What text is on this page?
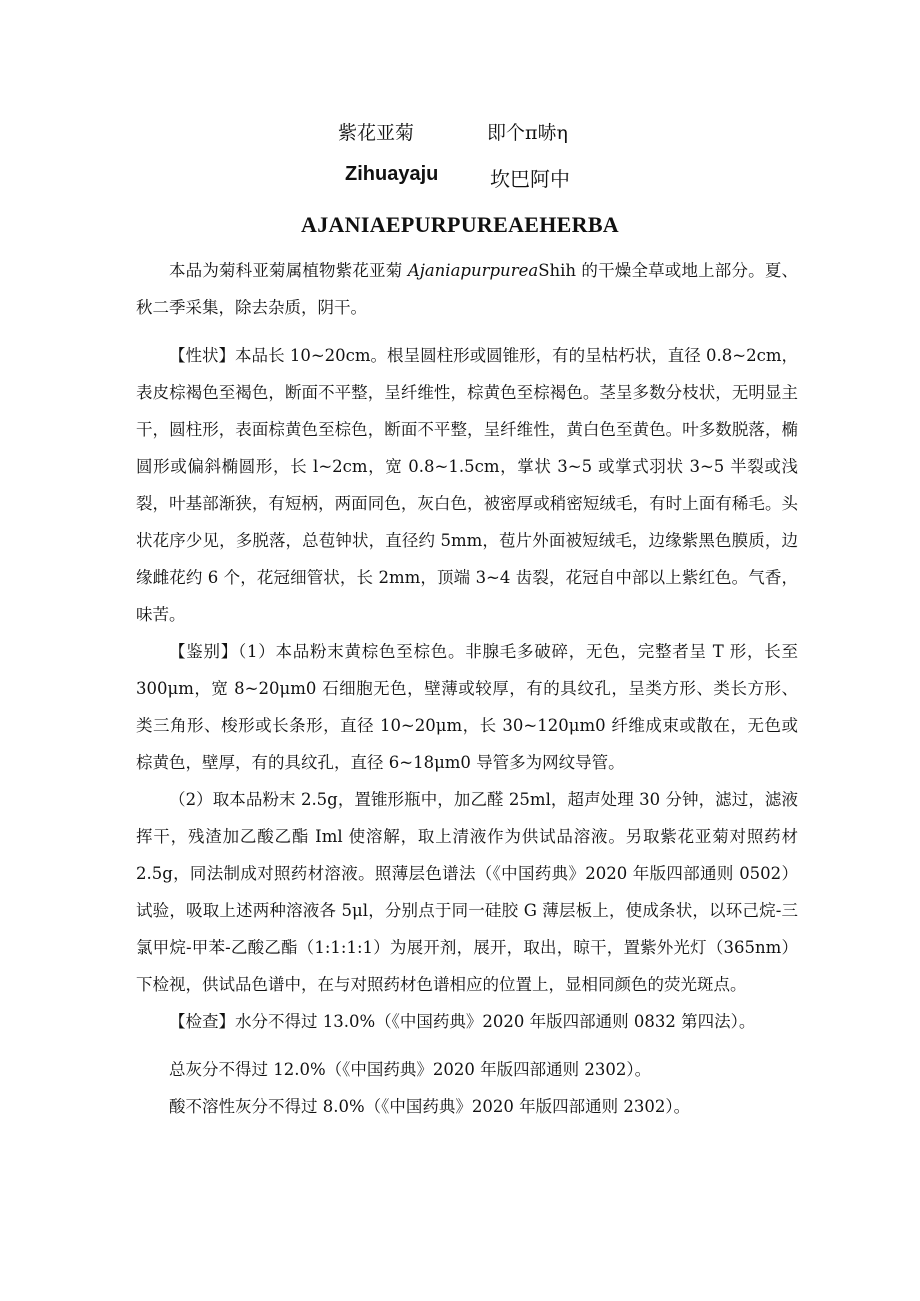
紫花亚菊	即个π哧η
Zihuayaju	坎巴阿中
AJANIAEPURPUREAEHERBA

本品为菊科亚菊属植物紫花亚菊 AjaniapurpureaShih 的干燥全草或地上部分。夏、秋二季采集，除去杂质，阴干。

【性状】本品长 10~20cm。根呈圆柱形或圆锥形，有的呈枯朽状，直径 0.8~2cm，表皮棕褐色至褐色，断面不平整，呈纤维性，棕黄色至棕褐色。茎呈多数分枝状，无明显主干，圆柱形，表面棕黄色至棕色，断面不平整，呈纤维性，黄白色至黄色。叶多数脱落，椭圆形或偏斜椭圆形，长 l~2cm，宽 0.8~1.5cm，掌状 3~5 或掌式羽状 3~5 半裂或浅裂，叶基部渐狭，有短柄，两面同色，灰白色，被密厚或稍密短绒毛，有时上面有稀毛。头状花序少见，多脱落，总苞钟状，直径约 5mm，苞片外面被短绒毛，边缘紫黑色膜质，边缘雌花约 6 个，花冠细管状，长 2mm，顶端 3~4 齿裂，花冠自中部以上紫红色。气香，味苦。

【鉴别】（1）本品粉末黄棕色至棕色。非腺毛多破碎，无色，完整者呈 T 形，长至 300μm，宽 8~20μm0 石细胞无色，壁薄或较厚，有的具纹孔，呈类方形、类长方形、类三角形、梭形或长条形，直径 10~20μm，长 30~120μm0 纤维成束或散在，无色或棕黄色，壁厚，有的具纹孔，直径 6~18μm0 导管多为网纹导管。

（2）取本品粉末 2.5g，置锥形瓶中，加乙醛 25ml，超声处理 30 分钟，滤过，滤液挥干，残渣加乙酸乙酯 Iml 使溶解，取上清液作为供试品溶液。另取紫花亚菊对照药材 2.5g，同法制成对照药材溶液。照薄层色谱法（《中国药典》2020 年版四部通则 0502）试验，吸取上述两种溶液各 5μl，分别点于同一硅胶 G 薄层板上，使成条状，以环己烷-三氯甲烷-甲苯-乙酸乙酯（1:1:1:1）为展开剂，展开，取出，晾干，置紫外光灯（365nm）下检视，供试品色谱中，在与对照药材色谱相应的位置上，显相同颜色的荧光斑点。

【检查】水分不得过 13.0%（《中国药典》2020 年版四部通则 0832 第四法）。

总灰分不得过 12.0%（《中国药典》2020 年版四部通则 2302）。

酸不溶性灰分不得过 8.0%（《中国药典》2020 年版四部通则 2302）。
